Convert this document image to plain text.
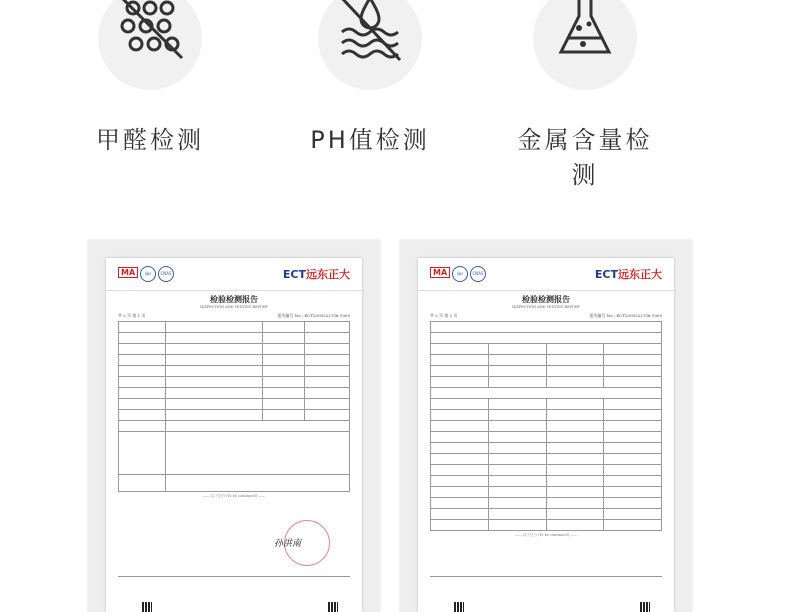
甲醛检测	PH值检测	金属含量检测
MA	ilac	CNAS	ECT远东正大
检验检测报告
INSPECTION AND TESTING REPORT
共 2 页 第 1 页	报告编号 No.: ECT2000322756-1000

—— 以下空白 (To be continued) ——
孙洪南
MA	ilac	CNAS	ECT远东正大
检验检测报告
INSPECTION AND TESTING REPORT
共 2 页 第 2 页	报告编号 No.: ECT2000322756-1000

—— 以下空白 (To be continued) ——
